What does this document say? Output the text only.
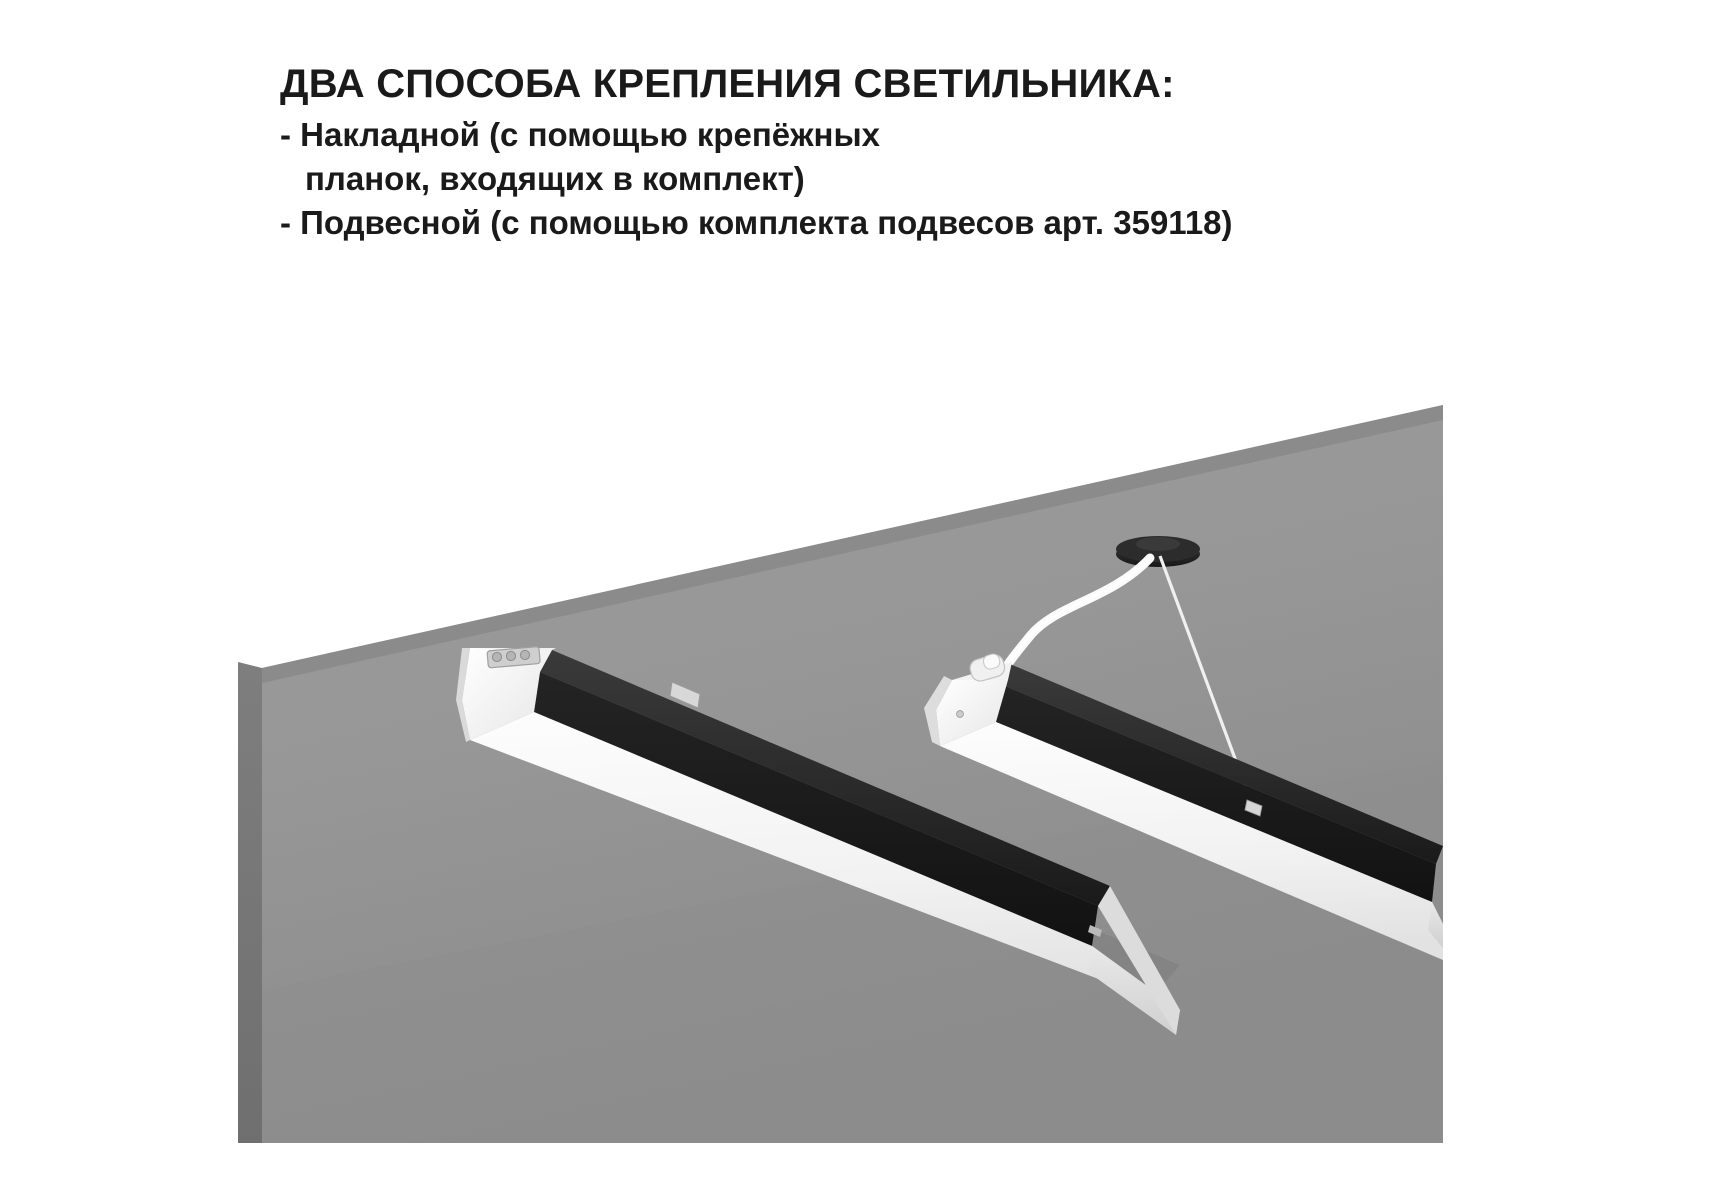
ДВА СПОСОБА КРЕПЛЕНИЯ СВЕТИЛЬНИКА:
- Накладной (с помощью крепёжных
планок, входящих в комплект)
- Подвесной (с помощью комплекта подвесов арт. 359118)
